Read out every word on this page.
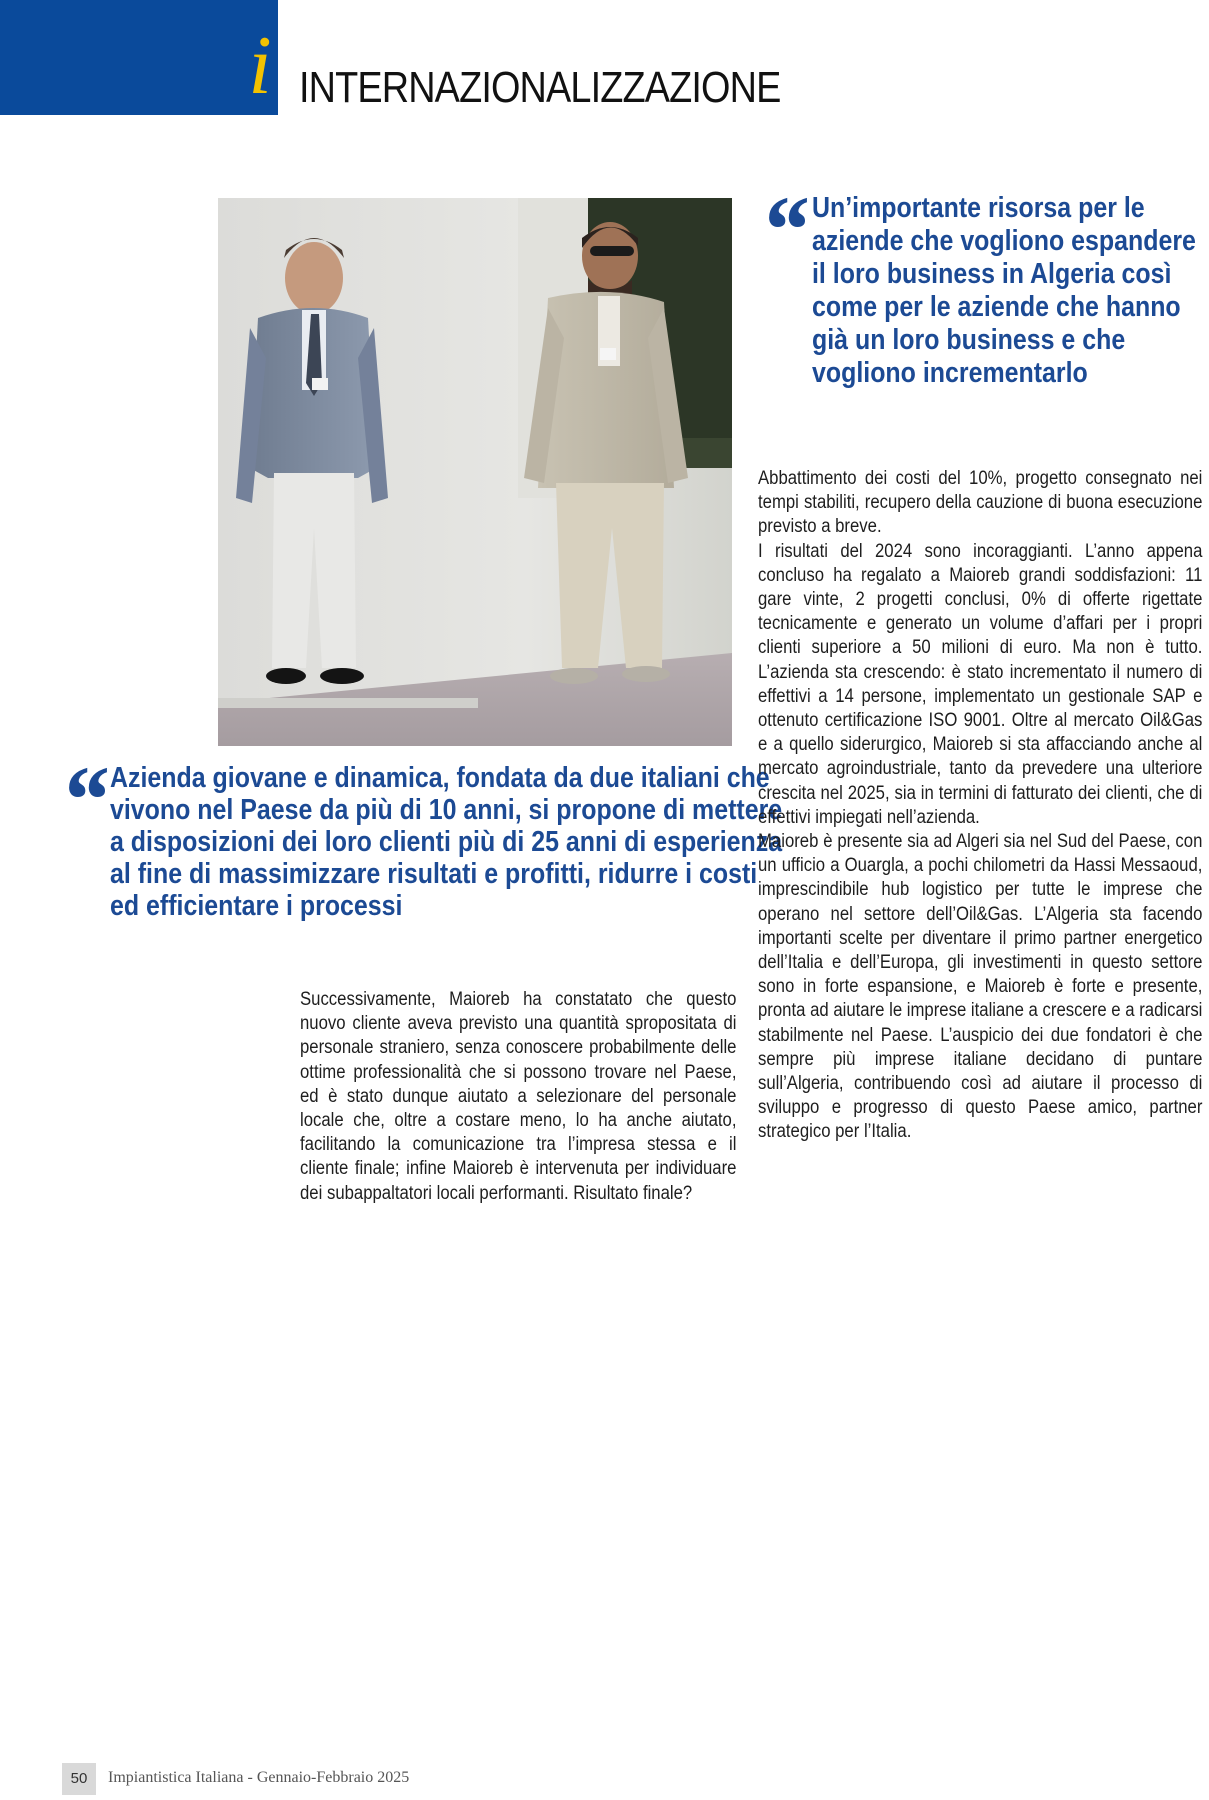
i INTERNAZIONALIZZAZIONE
“ Un’importante risorsa per le aziende che vogliono espandere il loro business in Algeria così come per le aziende che hanno già un loro business e che vogliono incrementarlo

“ Azienda giovane e dinamica, fondata da due italiani che vivono nel Paese da più di 10 anni, si propone di mettere a disposizioni dei loro clienti più di 25 anni di esperienza al fine di massimizzare risultati e profitti, ridurre i costi ed efficientare i processi

Successivamente, Maioreb ha constatato che questo nuovo cliente aveva previsto una quantità spropositata di personale straniero, senza conoscere probabilmente delle ottime professionalità che si possono trovare nel Paese, ed è stato dunque aiutato a selezionare del personale locale che, oltre a costare meno, lo ha anche aiutato, facilitando la comunicazione tra l’impresa stessa e il cliente finale; infine Maioreb è intervenuta per individuare dei subappaltatori locali performanti. Risultato finale?
Abbattimento dei costi del 10%, progetto consegnato nei tempi stabiliti, recupero della cauzione di buona esecuzione previsto a breve.
I risultati del 2024 sono incoraggianti. L’anno appena concluso ha regalato a Maioreb grandi soddisfazioni: 11 gare vinte, 2 progetti conclusi, 0% di offerte rigettate tecnicamente e generato un volume d’affari per i propri clienti superiore a 50 milioni di euro. Ma non è tutto. L’azienda sta crescendo: è stato incrementato il numero di effettivi a 14 persone, implementato un gestionale SAP e ottenuto certificazione ISO 9001. Oltre al mercato Oil&Gas e a quello siderurgico, Maioreb si sta affacciando anche al mercato agroindustriale, tanto da prevedere una ulteriore crescita nel 2025, sia in termini di fatturato dei clienti, che di effettivi impiegati nell’azienda.
Maioreb è presente sia ad Algeri sia nel Sud del Paese, con un ufficio a Ouargla, a pochi chilometri da Hassi Messaoud, imprescindibile hub logistico per tutte le imprese che operano nel settore dell’Oil&Gas. L’Algeria sta facendo importanti scelte per diventare il primo partner energetico dell’Italia e dell’Europa, gli investimenti in questo settore sono in forte espansione, e Maioreb è forte e presente, pronta ad aiutare le imprese italiane a crescere e a radicarsi stabilmente nel Paese. L’auspicio dei due fondatori è che sempre più imprese italiane decidano di puntare sull’Algeria, contribuendo così ad aiutare il processo di sviluppo e progresso di questo Paese amico, partner strategico per l’Italia.
50	Impiantistica Italiana - Gennaio-Febbraio 2025
